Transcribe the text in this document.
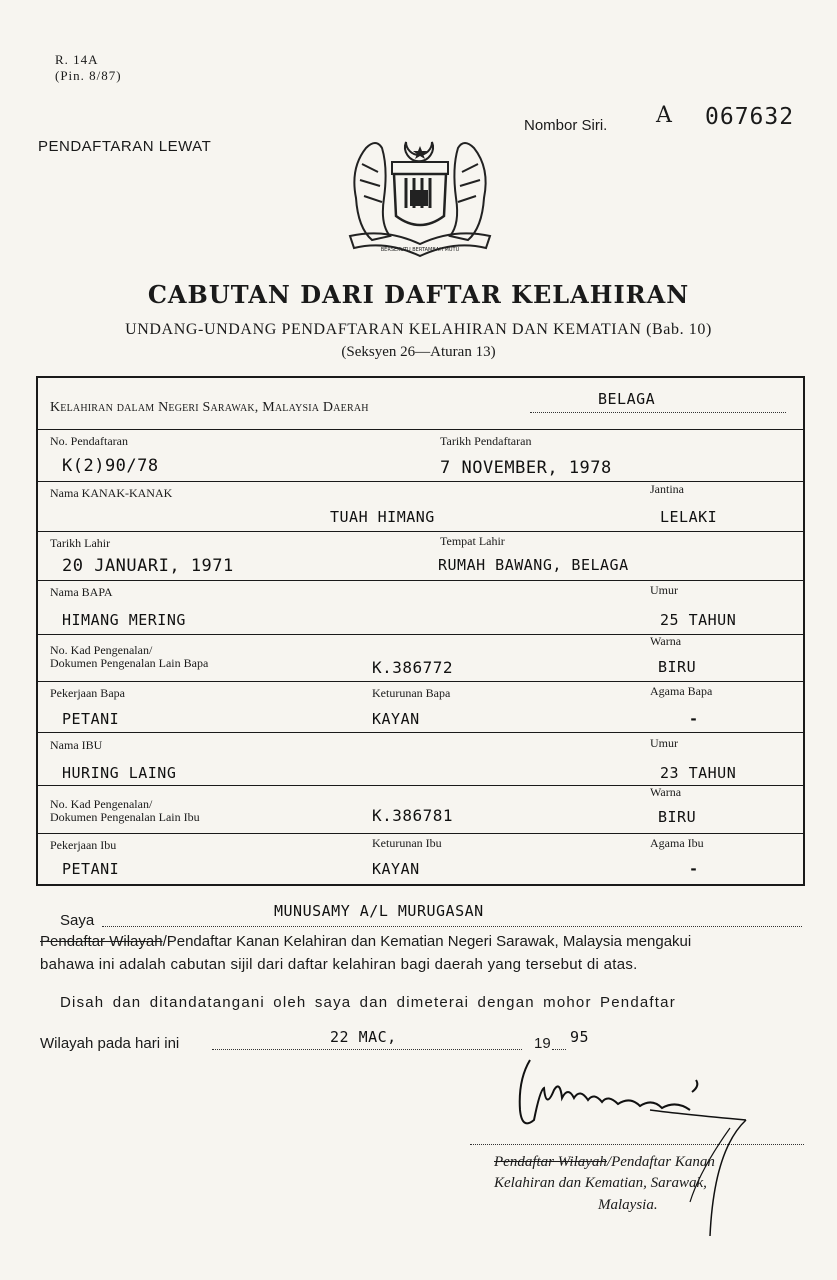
R. 14A
(Pin. 8/87)
PENDAFTARAN LEWAT
Nombor Siri. A 067632
BERSEKUTU BERTAMBAH MUTU
CABUTAN DARI DAFTAR KELAHIRAN
UNDANG-UNDANG PENDAFTARAN KELAHIRAN DAN KEMATIAN (Bab. 10)
(Seksyen 26—Aturan 13)
Kelahiran dalam Negeri Sarawak, Malaysia Daerah	BELAGA
No. Pendaftaran	Tarikh Pendaftaran
K(2)90/78	7 NOVEMBER, 1978
Nama KANAK-KANAK	Jantina
TUAH HIMANG	LELAKI
Tarikh Lahir	Tempat Lahir
20 JANUARI, 1971	RUMAH BAWANG, BELAGA
Nama BAPA	Umur
HIMANG MERING	25 TAHUN
No. Kad Pengenalan/
Dokumen Pengenalan Lain Bapa
Warna
K.386772	BIRU
Pekerjaan Bapa	Keturunan Bapa	Agama Bapa
PETANI	KAYAN	-
Nama IBU	Umur
HURING LAING	23 TAHUN
No. Kad Pengenalan/
Dokumen Pengenalan Lain Ibu
Warna
K.386781	BIRU
Pekerjaan Ibu	Keturunan Ibu	Agama Ibu
PETANI	KAYAN	-
Saya
MUNUSAMY A/L MURUGASAN
Pendaftar Wilayah/Pendaftar Kanan Kelahiran dan Kematian Negeri Sarawak, Malaysia mengakui
bahawa ini adalah cabutan sijil dari daftar kelahiran bagi daerah yang tersebut di atas.
Disah dan ditandatangani oleh saya dan dimeterai dengan mohor Pendaftar
Wilayah pada hari ini	22 MAC,	19 95
Pendaftar Wilayah/Pendaftar Kanan
Kelahiran dan Kematian, Sarawak,
Malaysia.
